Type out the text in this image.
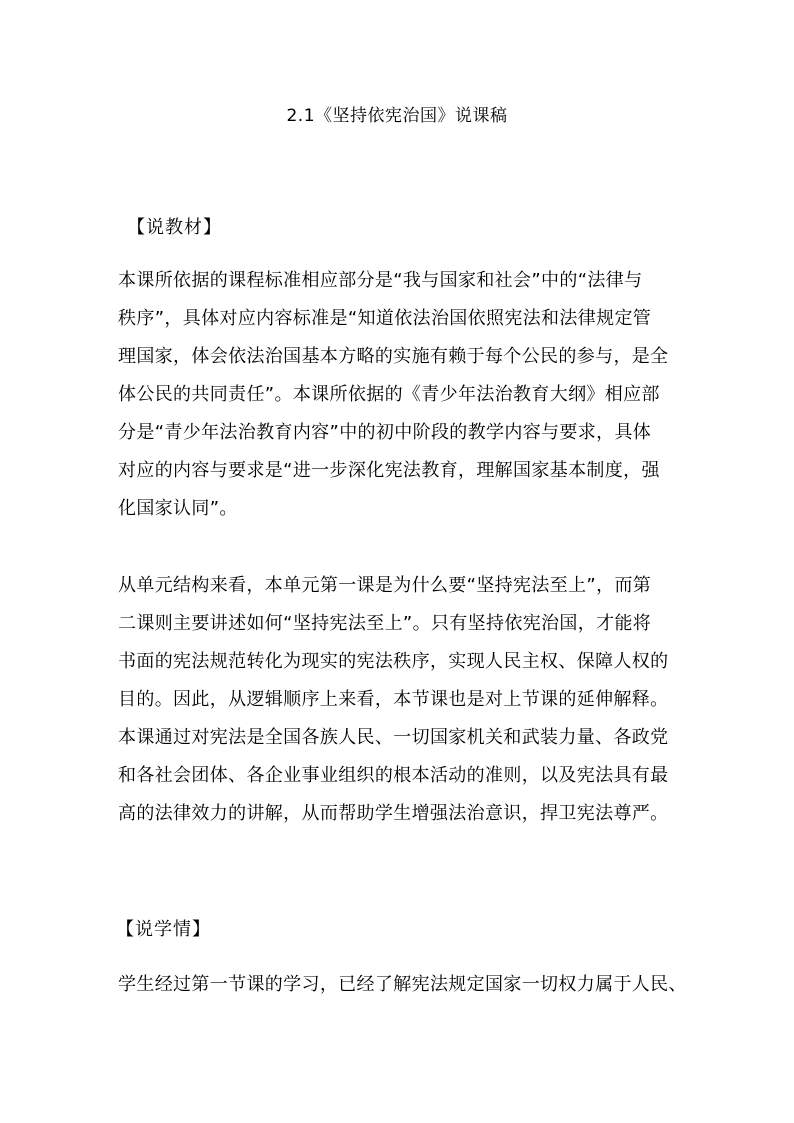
2.1《坚持依宪治国》说课稿
【说教材】
本课所依据的课程标准相应部分是“我与国家和社会”中的“法律与
秩序”，具体对应内容标准是“知道依法治国依照宪法和法律规定管
理国家，体会依法治国基本方略的实施有赖于每个公民的参与，是全
体公民的共同责任”。本课所依据的《青少年法治教育大纲》相应部
分是“青少年法治教育内容”中的初中阶段的教学内容与要求，具体
对应的内容与要求是“进一步深化宪法教育，理解国家基本制度，强
化国家认同”。
从单元结构来看，本单元第一课是为什么要“坚持宪法至上”，而第
二课则主要讲述如何“坚持宪法至上”。只有坚持依宪治国，才能将
书面的宪法规范转化为现实的宪法秩序，实现人民主权、保障人权的
目的。因此，从逻辑顺序上来看，本节课也是对上节课的延伸解释。
本课通过对宪法是全国各族人民、一切国家机关和武装力量、各政党
和各社会团体、各企业事业组织的根本活动的准则，以及宪法具有最
高的法律效力的讲解，从而帮助学生增强法治意识，捍卫宪法尊严。
【说学情】
学生经过第一节课的学习，已经了解宪法规定国家一切权力属于人民、
